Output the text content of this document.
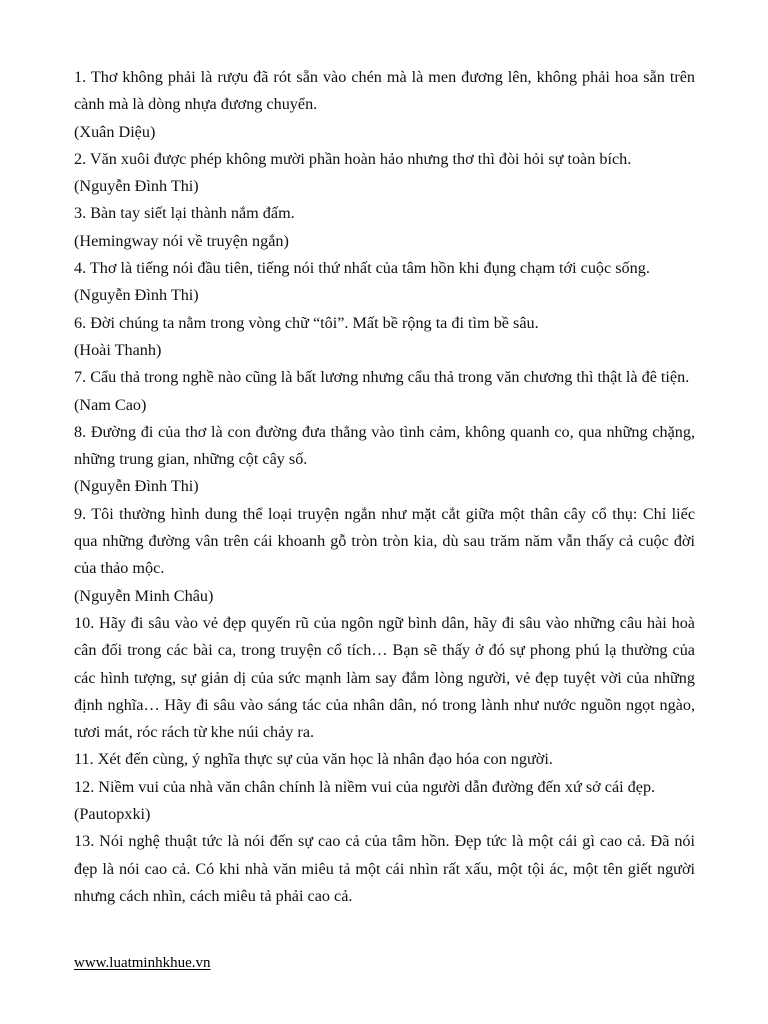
1. Thơ không phải là rượu đã rót sẵn vào chén mà là men đương lên, không phải hoa sẵn trên cành mà là dòng nhựa đương chuyển.

(Xuân Diệu)

2. Văn xuôi được phép không mười phần hoàn hảo nhưng thơ thì đòi hỏi sự toàn bích.

(Nguyễn Đình Thi)

3. Bàn tay siết lại thành nắm đấm.

(Hemingway nói về truyện ngắn)

4. Thơ là tiếng nói đầu tiên, tiếng nói thứ nhất của tâm hồn khi đụng chạm tới cuộc sống.

(Nguyễn Đình Thi)

6. Đời chúng ta nằm trong vòng chữ “tôi”. Mất bề rộng ta đi tìm bề sâu.

(Hoài Thanh)

7. Cẩu thả trong nghề nào cũng là bất lương nhưng cẩu thả trong văn chương thì thật là đê tiện.

(Nam Cao)

8. Đường đi của thơ là con đường đưa thẳng vào tình cảm, không quanh co, qua những chặng, những trung gian, những cột cây số.

(Nguyễn Đình Thi)

9. Tôi thường hình dung thể loại truyện ngắn như mặt cắt giữa một thân cây cổ thụ: Chỉ liếc qua những đường vân trên cái khoanh gỗ tròn tròn kia, dù sau trăm năm vẫn thấy cả cuộc đời của thảo mộc.

(Nguyễn Minh Châu)

10. Hãy đi sâu vào vẻ đẹp quyến rũ của ngôn ngữ bình dân, hãy đi sâu vào những câu hài hoà cân đối trong các bài ca, trong truyện cổ tích… Bạn sẽ thấy ở đó sự phong phú lạ thường của các hình tượng, sự giản dị của sức mạnh làm say đắm lòng người, vẻ đẹp tuyệt vời của những định nghĩa… Hãy đi sâu vào sáng tác của nhân dân, nó trong lành như nước nguồn ngọt ngào, tươi mát, róc rách từ khe núi chảy ra.

11. Xét đến cùng, ý nghĩa thực sự của văn học là nhân đạo hóa con người.

12. Niềm vui của nhà văn chân chính là niềm vui của người dẫn đường đến xứ sở cái đẹp.

(Pautopxki)

13. Nói nghệ thuật tức là nói đến sự cao cả của tâm hồn. Đẹp tức là một cái gì cao cả. Đã nói đẹp là nói cao cả. Có khi nhà văn miêu tả một cái nhìn rất xấu, một tội ác, một tên giết người nhưng cách nhìn, cách miêu tả phải cao cả.

www.luatminhkhue.vn
